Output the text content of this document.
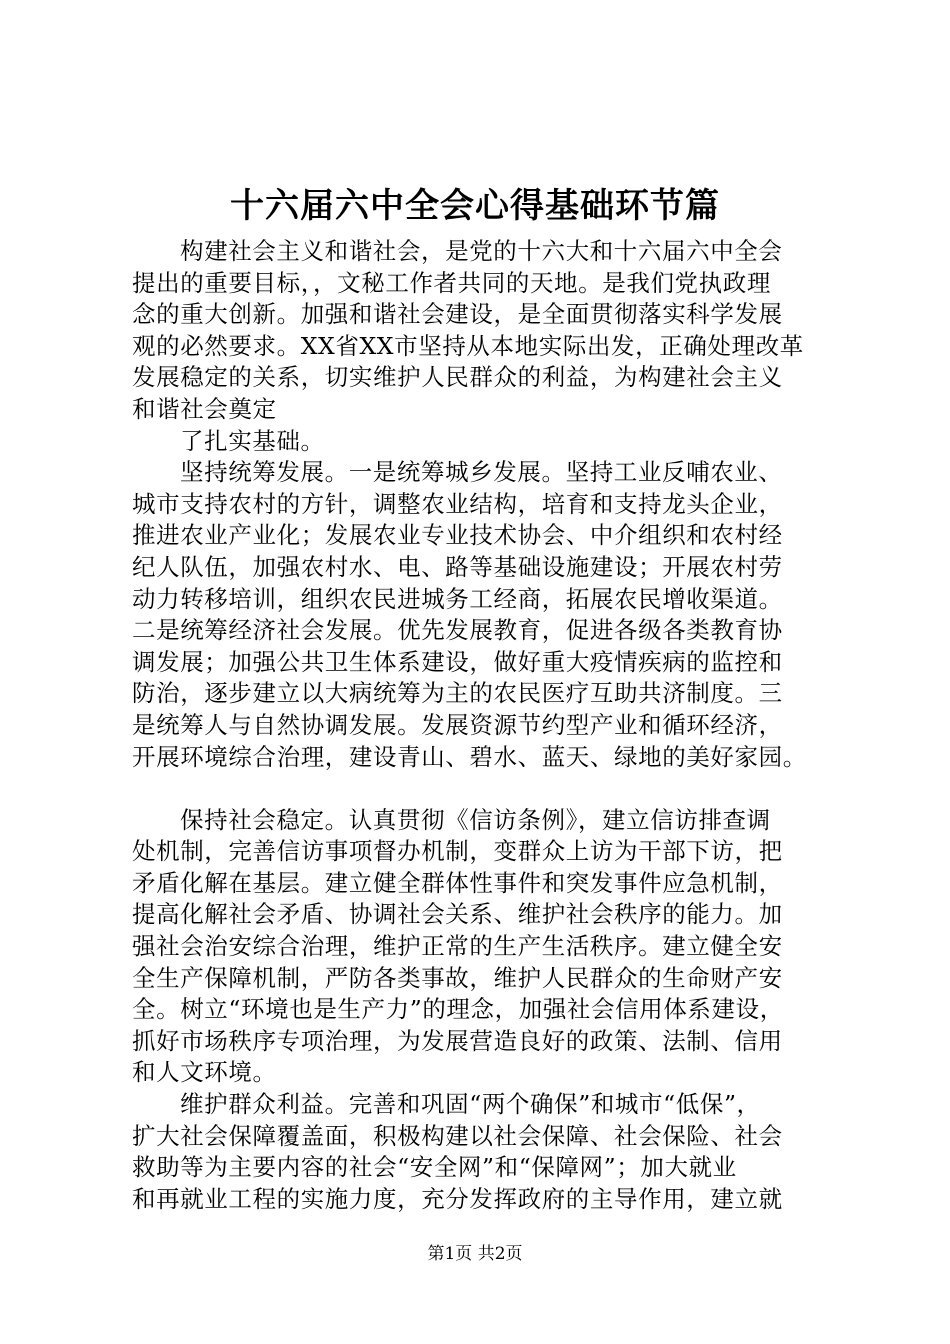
十六届六中全会心得基础环节篇
构建社会主义和谐社会，是党的十六大和十六届六中全会
提出的重要目标，，文秘工作者共同的天地。是我们党执政理
念的重大创新。加强和谐社会建设，是全面贯彻落实科学发展
观的必然要求。XX省XX市坚持从本地实际出发，正确处理改革
发展稳定的关系，切实维护人民群众的利益，为构建社会主义
和谐社会奠定
了扎实基础。
坚持统筹发展。一是统筹城乡发展。坚持工业反哺农业、
城市支持农村的方针，调整农业结构，培育和支持龙头企业，
推进农业产业化；发展农业专业技术协会、中介组织和农村经
纪人队伍，加强农村水、电、路等基础设施建设；开展农村劳
动力转移培训，组织农民进城务工经商，拓展农民增收渠道。
二是统筹经济社会发展。优先发展教育，促进各级各类教育协
调发展；加强公共卫生体系建设，做好重大疫情疾病的监控和
防治，逐步建立以大病统筹为主的农民医疗互助共济制度。三
是统筹人与自然协调发展。发展资源节约型产业和循环经济，
开展环境综合治理，建设青山、碧水、蓝天、绿地的美好家园。
保持社会稳定。认真贯彻《信访条例》，建立信访排查调
处机制，完善信访事项督办机制，变群众上访为干部下访，把
矛盾化解在基层。建立健全群体性事件和突发事件应急机制，
提高化解社会矛盾、协调社会关系、维护社会秩序的能力。加
强社会治安综合治理，维护正常的生产生活秩序。建立健全安
全生产保障机制，严防各类事故，维护人民群众的生命财产安
全。树立“环境也是生产力”的理念，加强社会信用体系建设，
抓好市场秩序专项治理，为发展营造良好的政策、法制、信用
和人文环境。
维护群众利益。完善和巩固“两个确保”和城市“低保”，
扩大社会保障覆盖面，积极构建以社会保障、社会保险、社会
救助等为主要内容的社会“安全网”和“保障网”；加大就业
和再就业工程的实施力度，充分发挥政府的主导作用，建立就
第1页 共2页
